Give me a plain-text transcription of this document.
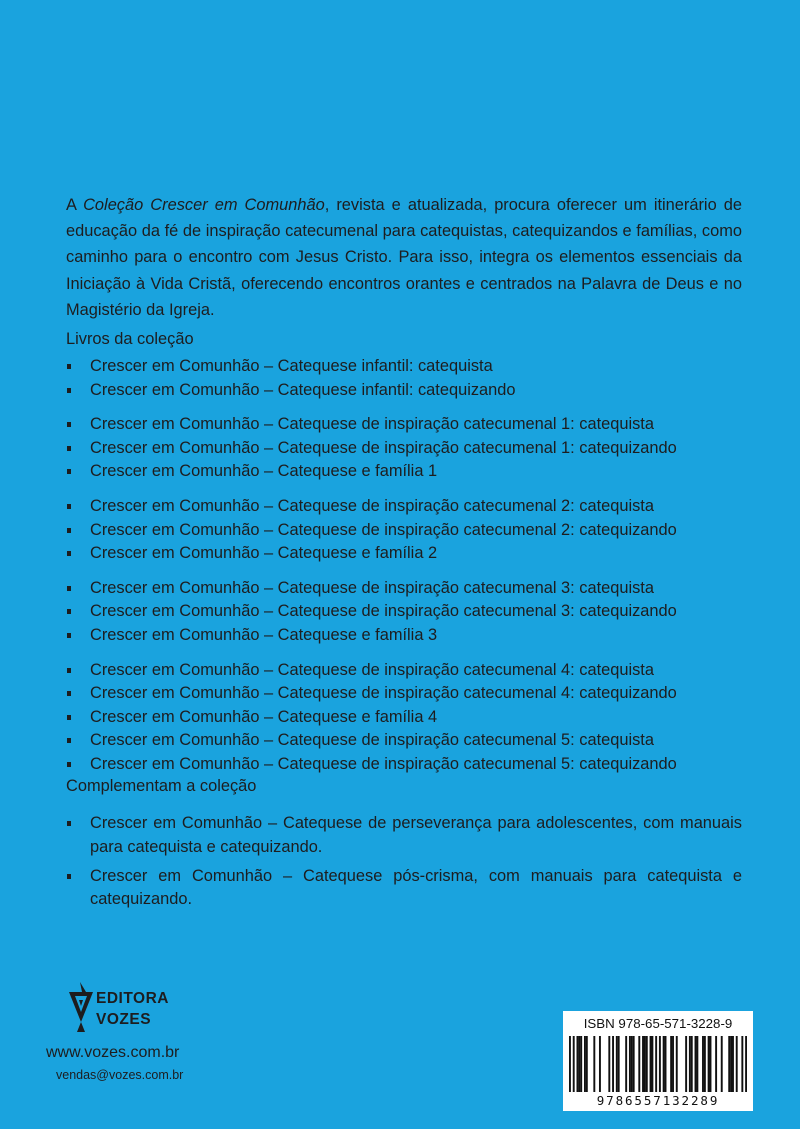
A Coleção Crescer em Comunhão, revista e atualizada, procura oferecer um itinerário de educação da fé de inspiração catecumenal para catequistas, catequizandos e famílias, como caminho para o encontro com Jesus Cristo. Para isso, integra os elementos essenciais da Iniciação à Vida Cristã, oferecendo encontros orantes e centrados na Palavra de Deus e no Magistério da Igreja.

Livros da coleção
Crescer em Comunhão – Catequese infantil: catequista
Crescer em Comunhão – Catequese infantil: catequizando
Crescer em Comunhão – Catequese de inspiração catecumenal 1: catequista
Crescer em Comunhão – Catequese de inspiração catecumenal 1: catequizando
Crescer em Comunhão – Catequese e família 1
Crescer em Comunhão – Catequese de inspiração catecumenal 2: catequista
Crescer em Comunhão – Catequese de inspiração catecumenal 2: catequizando
Crescer em Comunhão – Catequese e família 2
Crescer em Comunhão – Catequese de inspiração catecumenal 3: catequista
Crescer em Comunhão – Catequese de inspiração catecumenal 3: catequizando
Crescer em Comunhão – Catequese e família 3
Crescer em Comunhão – Catequese de inspiração catecumenal 4: catequista
Crescer em Comunhão – Catequese de inspiração catecumenal 4: catequizando
Crescer em Comunhão – Catequese e família 4
Crescer em Comunhão – Catequese de inspiração catecumenal 5: catequista
Crescer em Comunhão – Catequese de inspiração catecumenal 5: catequizando
Complementam a coleção
Crescer em Comunhão – Catequese de perseverança para adolescentes, com manuais para catequista e catequizando.
Crescer em Comunhão – Catequese pós-crisma, com manuais para catequista e catequizando.
EDITORA
VOZES
www.vozes.com.br
vendas@vozes.com.br
ISBN 978-65-571-3228-9
9786557132289
